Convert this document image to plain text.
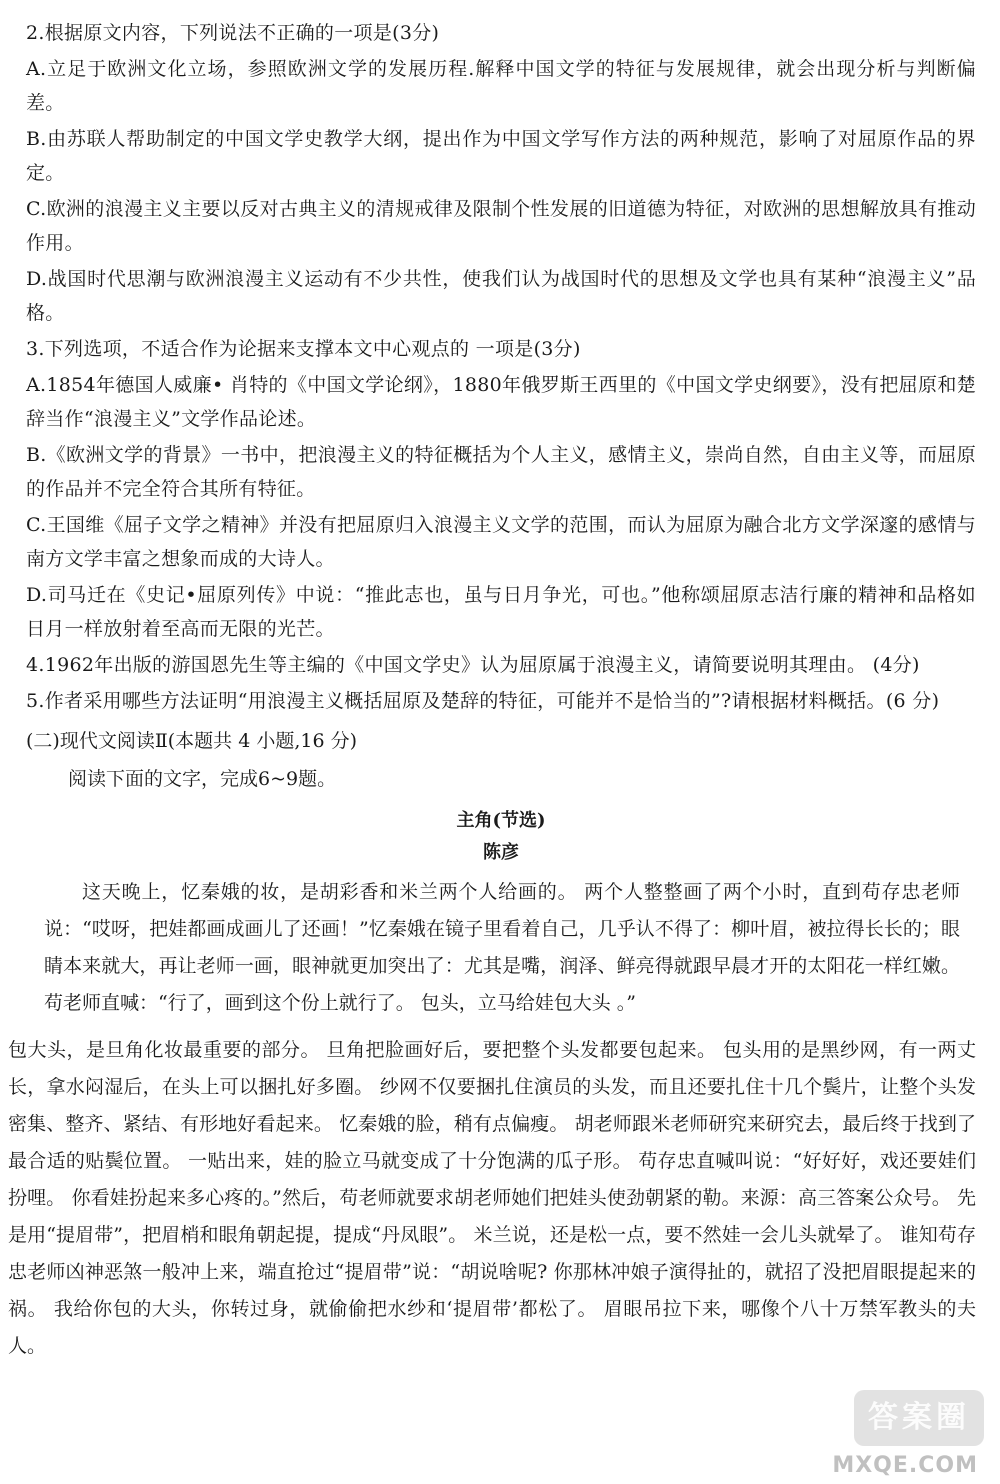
2.根据原文内容，下列说法不正确的一项是(3分)

A.立足于欧洲文化立场，参照欧洲文学的发展历程.解释中国文学的特征与发展规律，就会出现分析与判断偏差。

B.由苏联人帮助制定的中国文学史教学大纲，提出作为中国文学写作方法的两种规范，影响了对屈原作品的界定。

C.欧洲的浪漫主义主要以反对古典主义的清规戒律及限制个性发展的旧道德为特征，对欧洲的思想解放具有推动作用。

D.战国时代思潮与欧洲浪漫主义运动有不少共性，使我们认为战国时代的思想及文学也具有某种“浪漫主义”品格。

3.下列选项，不适合作为论据来支撑本文中心观点的 一项是(3分)

A.1854年德国人威廉• 肖特的《中国文学论纲》，1880年俄罗斯王西里的《中国文学史纲要》，没有把屈原和楚辞当作“浪漫主义”文学作品论述。

B.《欧洲文学的背景》一书中，把浪漫主义的特征概括为个人主义，感情主义，崇尚自然，自由主义等，而屈原的作品并不完全符合其所有特征。

C.王国维《屈子文学之精神》并没有把屈原归入浪漫主义文学的范围，而认为屈原为融合北方文学深邃的感情与南方文学丰富之想象而成的大诗人。

D.司马迁在《史记•屈原列传》中说：“推此志也，虽与日月争光，可也。”他称颂屈原志洁行廉的精神和品格如日月一样放射着至高而无限的光芒。

4.1962年出版的游国恩先生等主编的《中国文学史》认为屈原属于浪漫主义，请简要说明其理由。 (4分)

5.作者采用哪些方法证明“用浪漫主义概括屈原及楚辞的特征，可能并不是恰当的”?请根据材料概括。(6 分)

(二)现代文阅读Ⅱ(本题共 4 小题,16 分)

阅读下面的文字，完成6~9题。

主角(节选)
陈彦

这天晚上，忆秦娥的妆，是胡彩香和米兰两个人给画的。 两个人整整画了两个小时，直到苟存忠老师说：“哎呀，把娃都画成画儿了还画！”忆秦娥在镜子里看着自己，几乎认不得了：柳叶眉，被拉得长长的；眼睛本来就大，再让老师一画，眼神就更加突出了：尤其是嘴，润泽、鲜亮得就跟早晨才开的太阳花一样红嫩。 苟老师直喊：“行了，画到这个份上就行了。 包头，立马给娃包大头 。”

包大头，是旦角化妆最重要的部分。 旦角把脸画好后，要把整个头发都要包起来。 包头用的是黑纱网，有一两丈长，拿水闷湿后，在头上可以捆扎好多圈。 纱网不仅要捆扎住演员的头发，而且还要扎住十几个鬓片，让整个头发密集、整齐、紧结、有形地好看起来。 忆秦娥的脸，稍有点偏瘦。 胡老师跟米老师研究来研究去，最后终于找到了最合适的贴鬓位置。 一贴出来，娃的脸立马就变成了十分饱满的瓜子形。 苟存忠直喊叫说：“好好好，戏还要娃们扮哩。 你看娃扮起来多心疼的。”然后，苟老师就要求胡老师她们把娃头使劲朝紧的勒。来源：高三答案公众号。 先是用“提眉带”，把眉梢和眼角朝起提，提成“丹凤眼”。 米兰说，还是松一点，要不然娃一会儿头就晕了。 谁知苟存忠老师凶神恶煞一般冲上来，端直抢过“提眉带”说：“胡说啥呢? 你那林冲娘子演得扯的，就招了没把眉眼提起来的祸。 我给你包的大头，你转过身，就偷偷把水纱和‘提眉带’都松了。 眉眼吊拉下来，哪像个八十万禁军教头的夫人。

答案圈
MXQE.COM
